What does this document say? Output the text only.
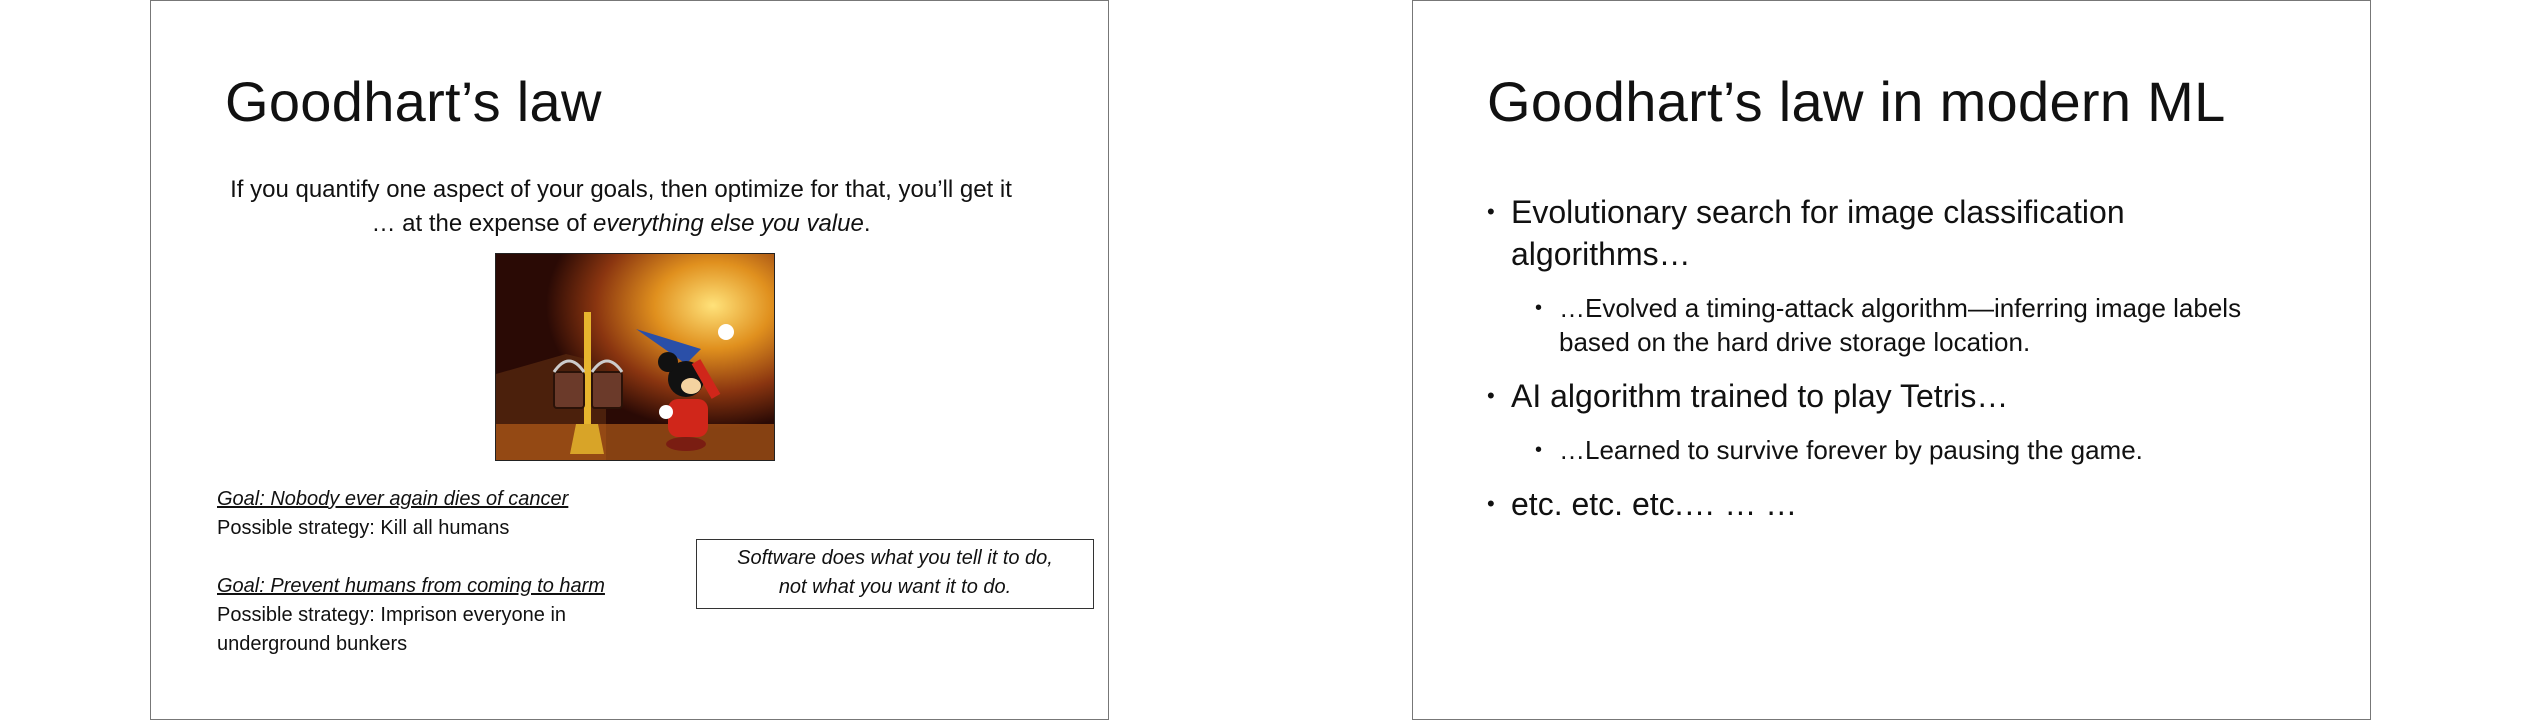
Goodhart’s law
If you quantify one aspect of your goals, then optimize for that, you’ll get it … at the expense of everything else you value.
Goal: Nobody ever again dies of cancer
Possible strategy: Kill all humans
Goal: Prevent humans from coming to harm
Possible strategy: Imprison everyone in underground bunkers
Software does what you tell it to do,
not what you want it to do.
Goodhart’s law in modern ML
• Evolutionary search for image classification algorithms…
• …Evolved a timing-attack algorithm—inferring image labels based on the hard drive storage location.
• AI algorithm trained to play Tetris…
• …Learned to survive forever by pausing the game.
• etc. etc. etc.… … …
